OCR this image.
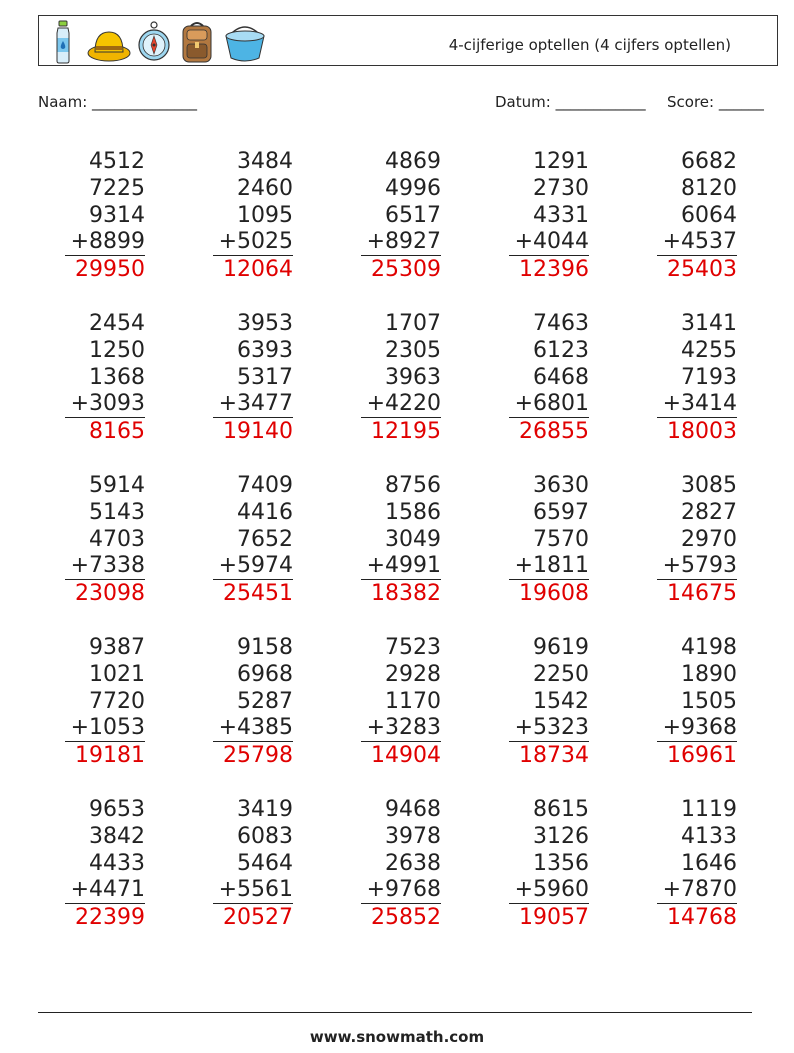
4-cijferige optellen (4 cijfers optellen)
Naam: ______________	Datum: ____________ Score: ______
4512
7225
9314
+8899
29950
3484
2460
1095
+5025
12064
4869
4996
6517
+8927
25309
1291
2730
4331
+4044
12396
6682
8120
6064
+4537
25403
2454
1250
1368
+3093
8165
3953
6393
5317
+3477
19140
1707
2305
3963
+4220
12195
7463
6123
6468
+6801
26855
3141
4255
7193
+3414
18003
5914
5143
4703
+7338
23098
7409
4416
7652
+5974
25451
8756
1586
3049
+4991
18382
3630
6597
7570
+1811
19608
3085
2827
2970
+5793
14675
9387
1021
7720
+1053
19181
9158
6968
5287
+4385
25798
7523
2928
1170
+3283
14904
9619
2250
1542
+5323
18734
4198
1890
1505
+9368
16961
9653
3842
4433
+4471
22399
3419
6083
5464
+5561
20527
9468
3978
2638
+9768
25852
8615
3126
1356
+5960
19057
1119
4133
1646
+7870
14768
www.snowmath.com
